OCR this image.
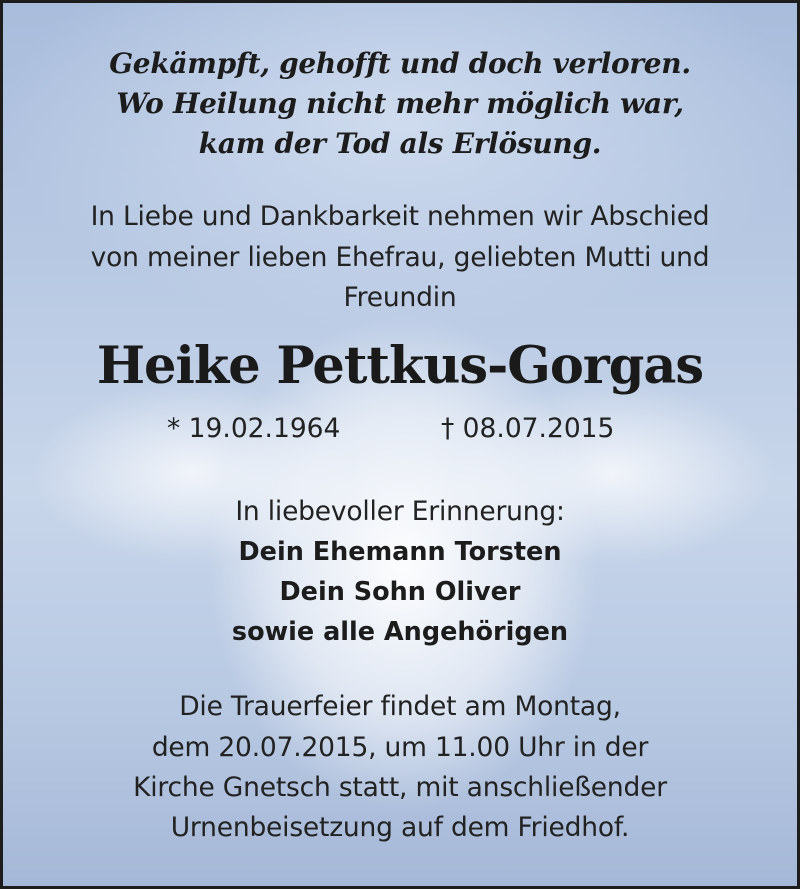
Gekämpft, gehofft und doch verloren.
Wo Heilung nicht mehr möglich war,
kam der Tod als Erlösung.
In Liebe und Dankbarkeit nehmen wir Abschied
von meiner lieben Ehefrau, geliebten Mutti und
Freundin
Heike Pettkus-Gorgas
* 19.02.1964	† 08.07.2015
In liebevoller Erinnerung:
Dein Ehemann Torsten
Dein Sohn Oliver
sowie alle Angehörigen
Die Trauerfeier findet am Montag,
dem 20.07.2015, um 11.00 Uhr in der
Kirche Gnetsch statt, mit anschließender
Urnenbeisetzung auf dem Friedhof.
